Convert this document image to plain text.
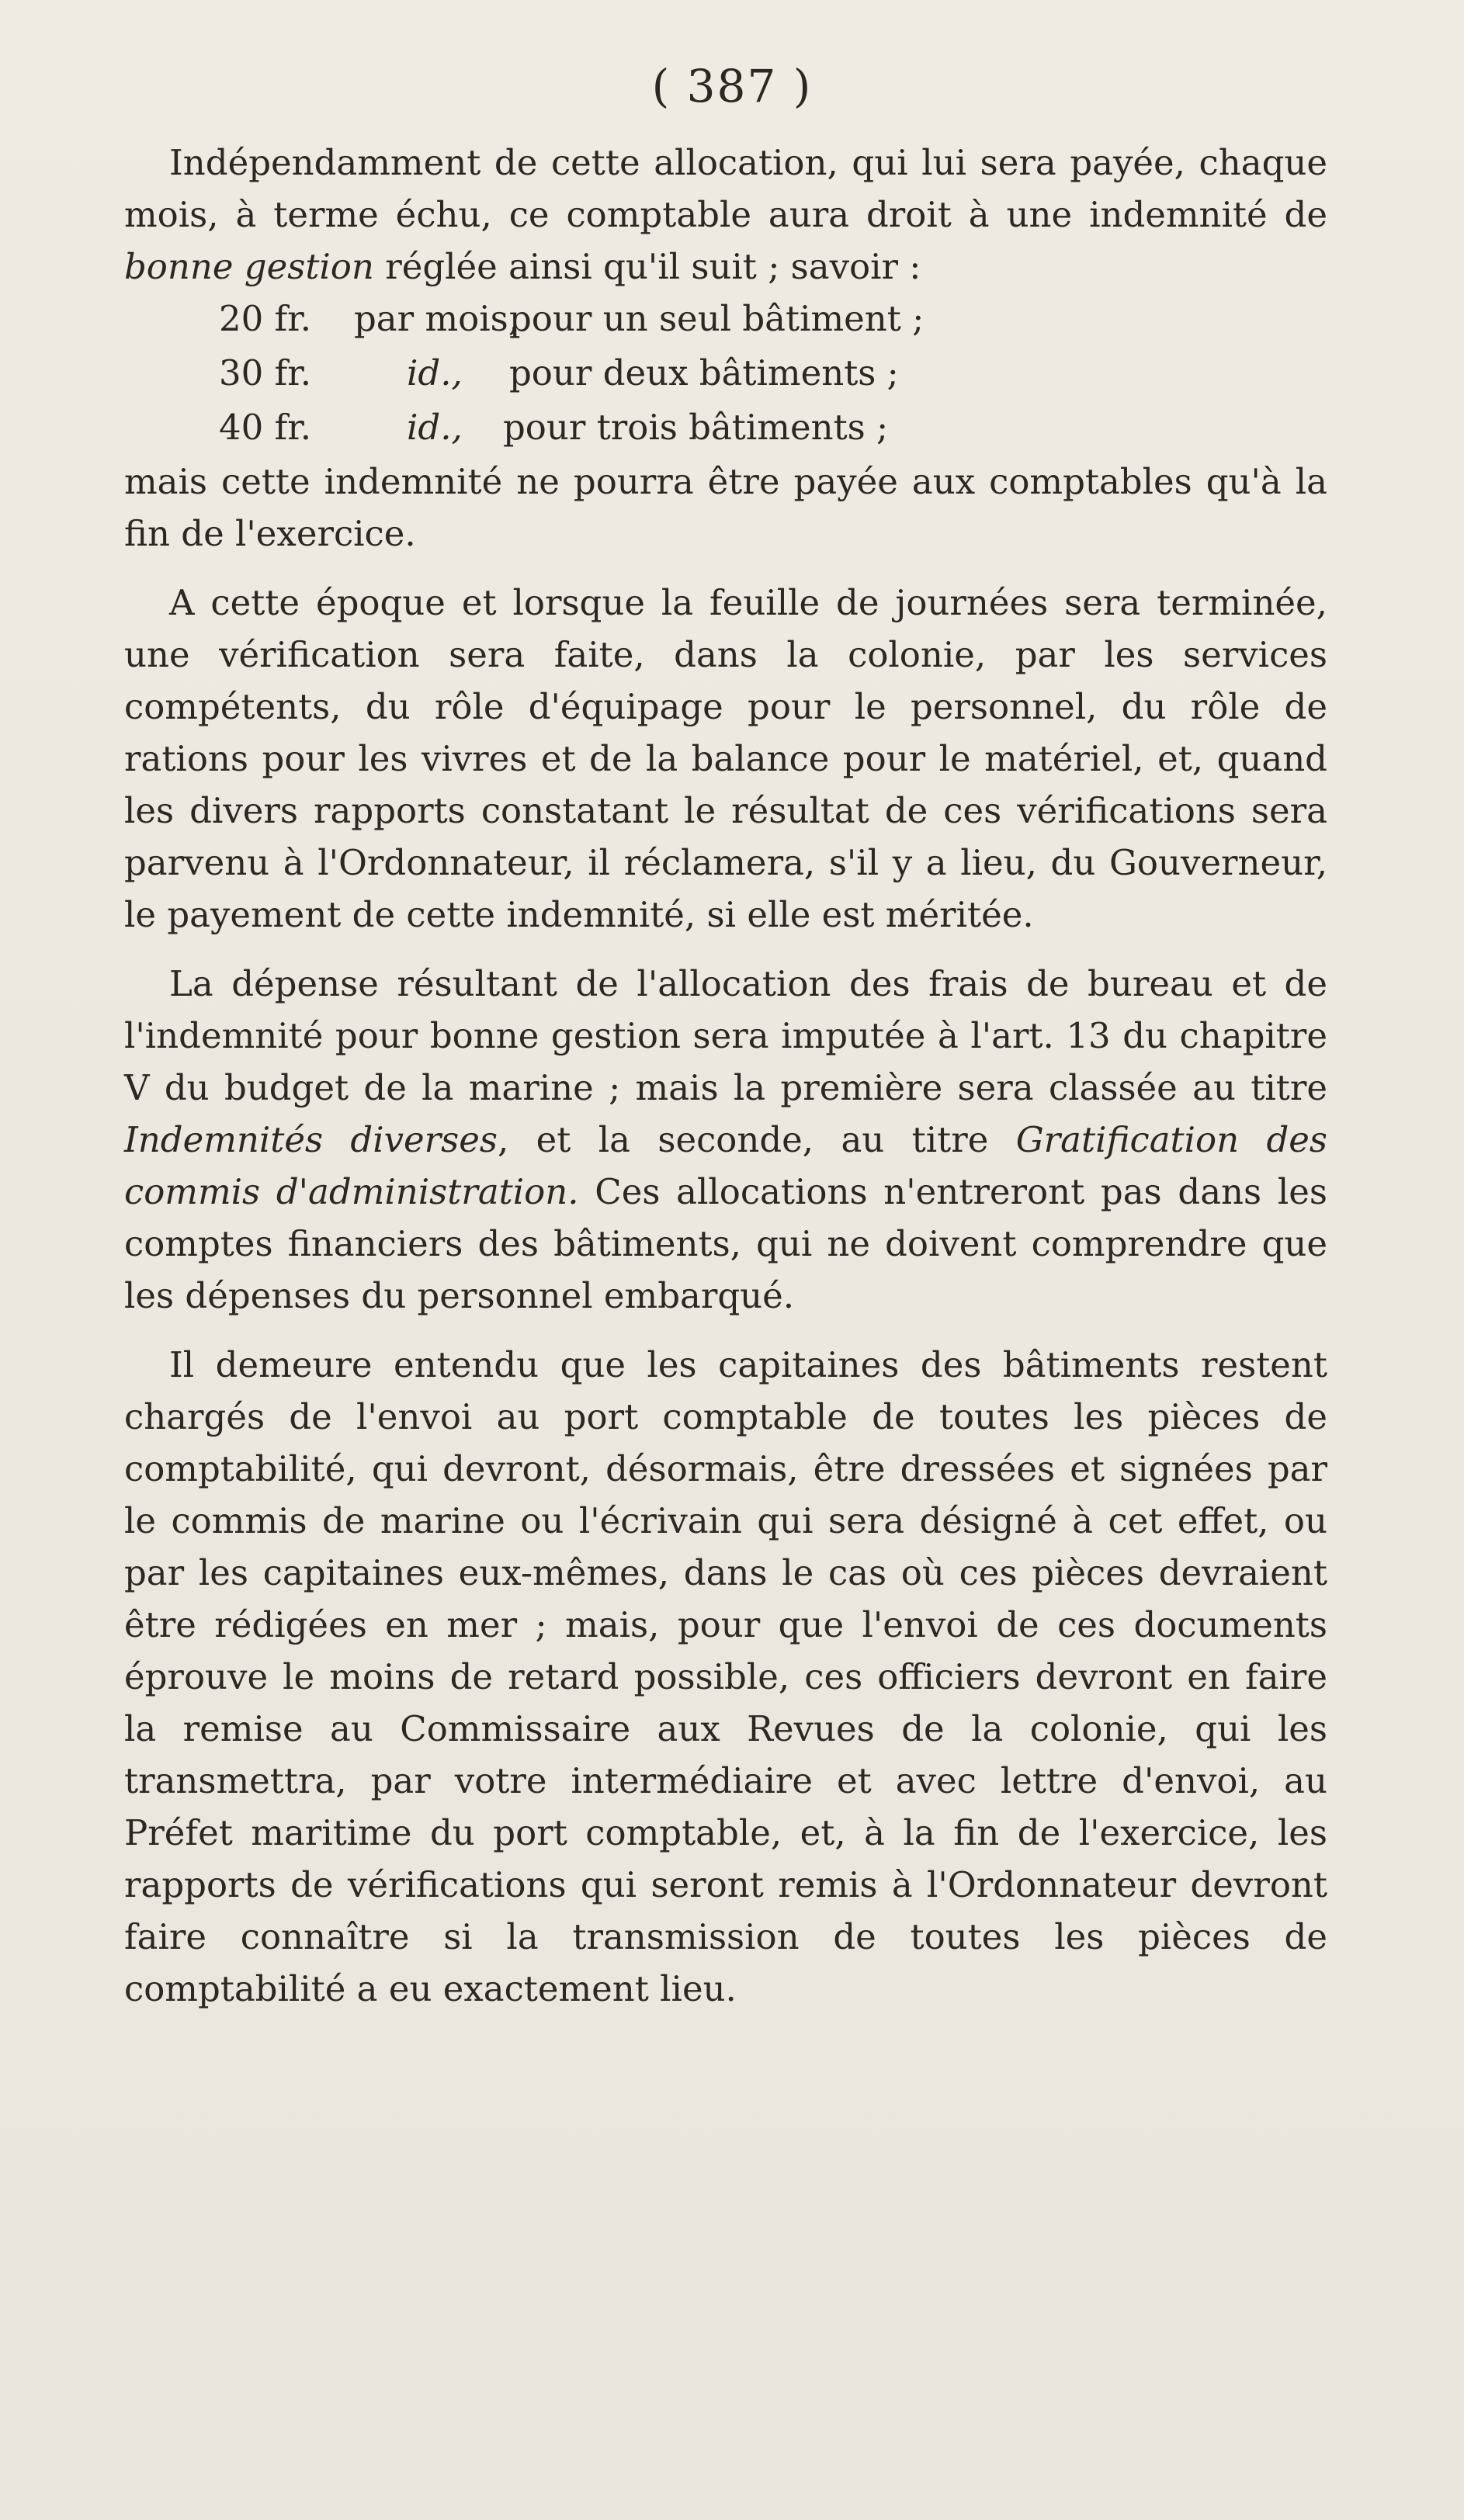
( 387 )

Indépendamment de cette allocation, qui lui sera payée, chaque mois, à terme échu, ce comptable aura droit à une indemnité de bonne gestion réglée ainsi qu'il suit ; savoir :

20 fr. par mois,pour un seul bâtiment ;
30 fr.	id., pour deux bâtiments ;
40 fr.	id., pour trois bâtiments ;

mais cette indemnité ne pourra être payée aux comptables qu'à la fin de l'exercice.

A cette époque et lorsque la feuille de journées sera terminée, une vérification sera faite, dans la colonie, par les services compétents, du rôle d'équipage pour le personnel, du rôle de rations pour les vivres et de la balance pour le matériel, et, quand les divers rapports constatant le résultat de ces vérifications sera parvenu à l'Ordonnateur, il réclamera, s'il y a lieu, du Gouverneur, le payement de cette indemnité, si elle est méritée.

La dépense résultant de l'allocation des frais de bureau et de l'indemnité pour bonne gestion sera imputée à l'art. 13 du chapitre V du budget de la marine ; mais la première sera classée au titre Indemnités diverses, et la seconde, au titre Gratification des commis d'administration. Ces allocations n'entreront pas dans les comptes financiers des bâtiments, qui ne doivent comprendre que les dépenses du personnel embarqué.

Il demeure entendu que les capitaines des bâtiments restent chargés de l'envoi au port comptable de toutes les pièces de comptabilité, qui devront, désormais, être dressées et signées par le commis de marine ou l'écrivain qui sera désigné à cet effet, ou par les capitaines eux-mêmes, dans le cas où ces pièces devraient être rédigées en mer ; mais, pour que l'envoi de ces documents éprouve le moins de retard possible, ces officiers devront en faire la remise au Commissaire aux Revues de la colonie, qui les transmettra, par votre intermédiaire et avec lettre d'envoi, au Préfet maritime du port comptable, et, à la fin de l'exercice, les rapports de vérifications qui seront remis à l'Ordonnateur devront faire connaître si la transmission de toutes les pièces de comptabilité a eu exactement lieu.
